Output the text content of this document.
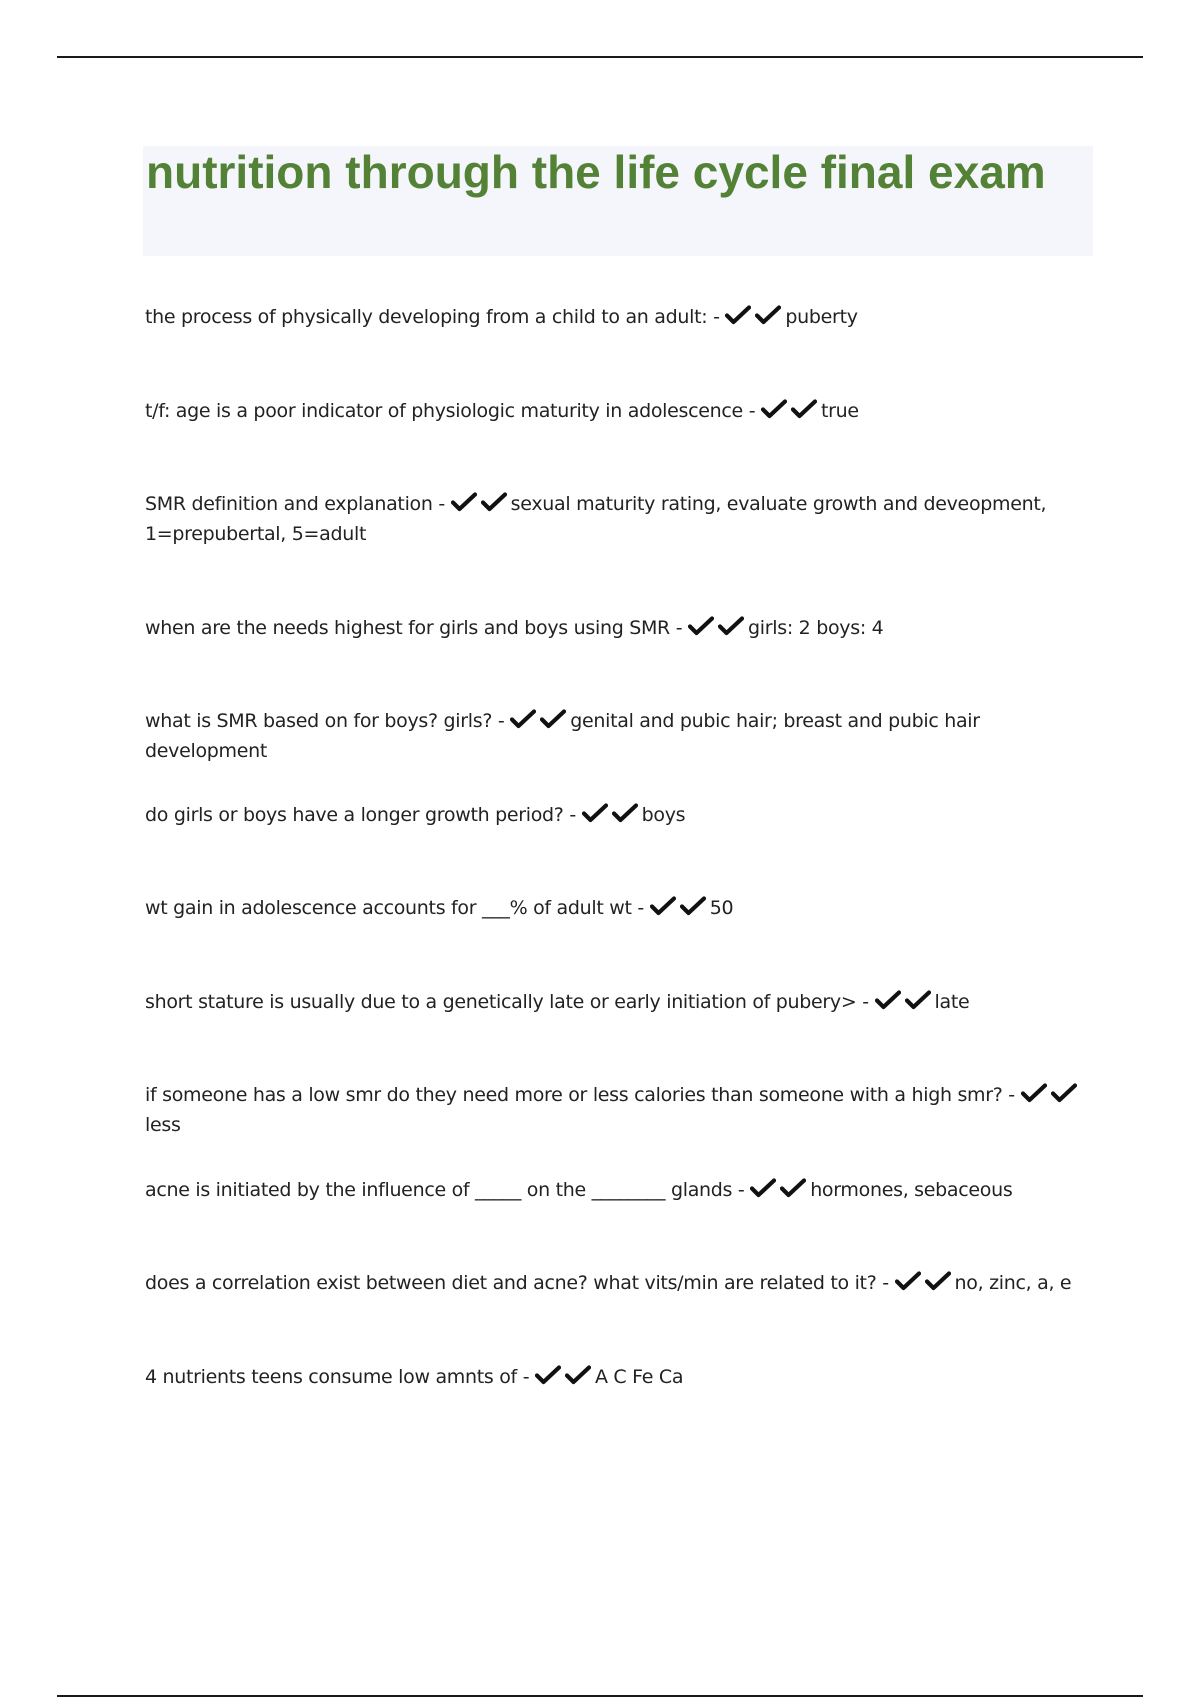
nutrition through the life cycle final exam
the process of physically developing from a child to an adult: -	puberty
t/f: age is a poor indicator of physiologic maturity in adolescence -	true
SMR definition and explanation -	sexual maturity rating, evaluate growth and deveopment, 1=prepubertal, 5=adult
when are the needs highest for girls and boys using SMR -	girls: 2 boys: 4
what is SMR based on for boys? girls? -	genital and pubic hair; breast and pubic hair development
do girls or boys have a longer growth period? -	boys
wt gain in adolescence accounts for ___% of adult wt -	50
short stature is usually due to a genetically late or early initiation of pubery> -	late
if someone has a low smr do they need more or less calories than someone with a high smr? -
less
acne is initiated by the influence of _____ on the ________ glands -	hormones, sebaceous
does a correlation exist between diet and acne? what vits/min are related to it? -	no, zinc, a, e
4 nutrients teens consume low amnts of -	A C Fe Ca
